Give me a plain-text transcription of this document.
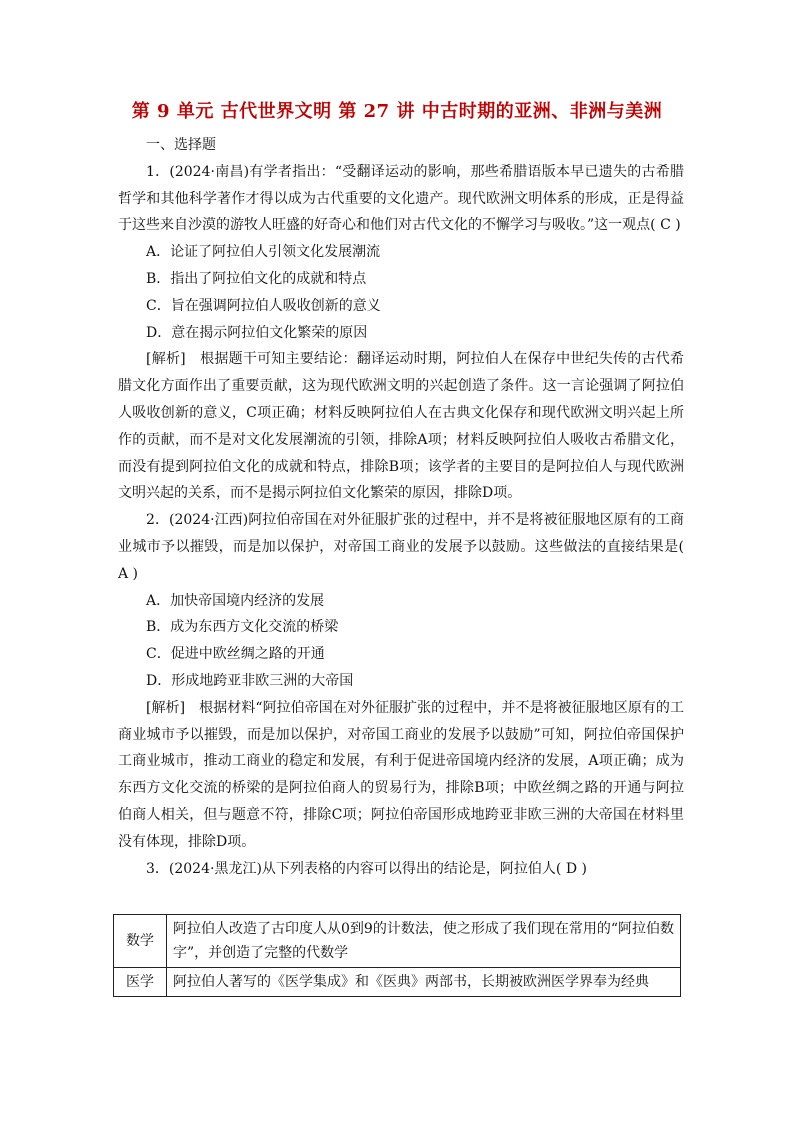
第 9 单元 古代世界文明 第 27 讲 中古时期的亚洲、非洲与美洲

一、选择题

1．(2024·南昌)有学者指出：“受翻译运动的影响，那些希腊语版本早已遗失的古希腊哲学和其他科学著作才得以成为古代重要的文化遗产。现代欧洲文明体系的形成，正是得益于这些来自沙漠的游牧人旺盛的好奇心和他们对古代文化的不懈学习与吸收。”这一观点( C )

A．论证了阿拉伯人引领文化发展潮流

B．指出了阿拉伯文化的成就和特点

C．旨在强调阿拉伯人吸收创新的意义

D．意在揭示阿拉伯文化繁荣的原因

[解析]　根据题干可知主要结论：翻译运动时期，阿拉伯人在保存中世纪失传的古代希腊文化方面作出了重要贡献，这为现代欧洲文明的兴起创造了条件。这一言论强调了阿拉伯人吸收创新的意义，C项正确；材料反映阿拉伯人在古典文化保存和现代欧洲文明兴起上所作的贡献，而不是对文化发展潮流的引领，排除A项；材料反映阿拉伯人吸收古希腊文化，而没有提到阿拉伯文化的成就和特点，排除B项；该学者的主要目的是阿拉伯人与现代欧洲文明兴起的关系，而不是揭示阿拉伯文化繁荣的原因，排除D项。

2．(2024·江西)阿拉伯帝国在对外征服扩张的过程中，并不是将被征服地区原有的工商业城市予以摧毁，而是加以保护，对帝国工商业的发展予以鼓励。这些做法的直接结果是( A )

A．加快帝国境内经济的发展

B．成为东西方文化交流的桥梁

C．促进中欧丝绸之路的开通

D．形成地跨亚非欧三洲的大帝国

[解析]　根据材料“阿拉伯帝国在对外征服扩张的过程中，并不是将被征服地区原有的工商业城市予以摧毁，而是加以保护，对帝国工商业的发展予以鼓励”可知，阿拉伯帝国保护工商业城市，推动工商业的稳定和发展，有利于促进帝国境内经济的发展，A项正确；成为东西方文化交流的桥梁的是阿拉伯商人的贸易行为，排除B项；中欧丝绸之路的开通与阿拉伯商人相关，但与题意不符，排除C项；阿拉伯帝国形成地跨亚非欧三洲的大帝国在材料里没有体现，排除D项。

3．(2024·黑龙江)从下列表格的内容可以得出的结论是，阿拉伯人( D )

数学	阿拉伯人改造了古印度人从0到9的计数法，使之形成了我们现在常用的“阿拉伯数字”，并创造了完整的代数学
医学	阿拉伯人著写的《医学集成》和《医典》两部书，长期被欧洲医学界奉为经典
